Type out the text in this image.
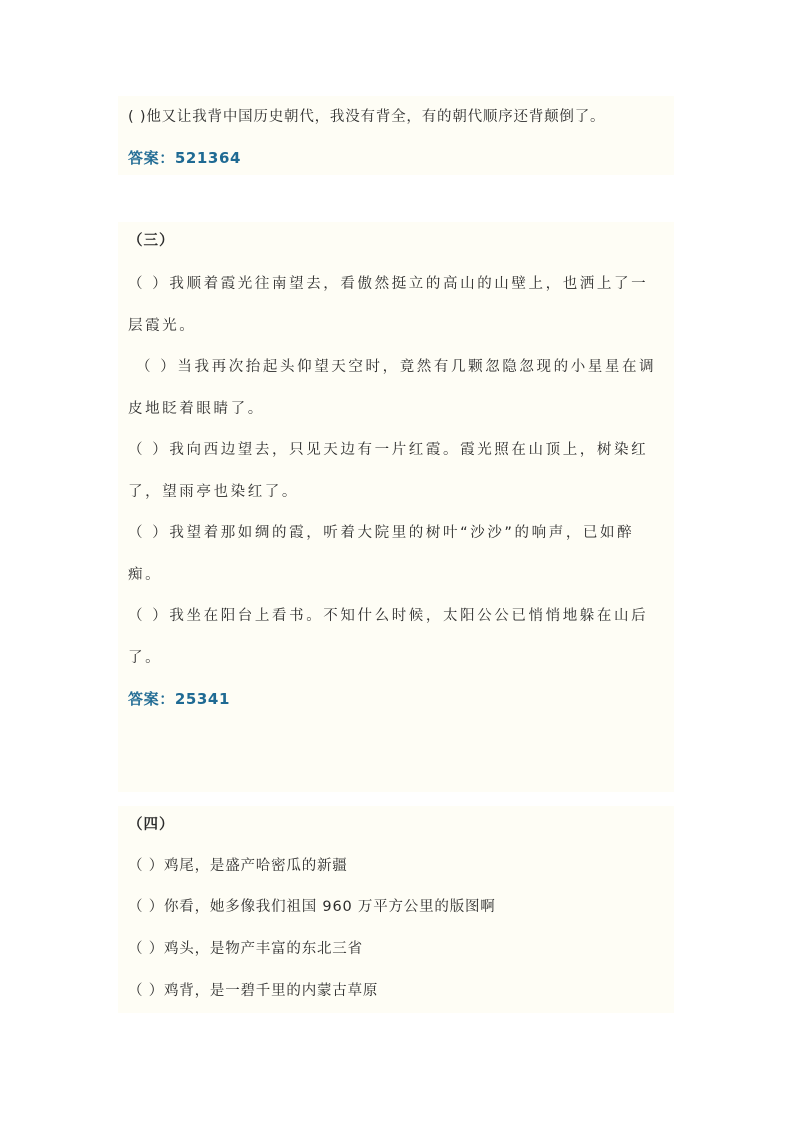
( )他又让我背中国历史朝代，我没有背全，有的朝代顺序还背颠倒了。
答案：521364
（三）
（ ）我顺着霞光往南望去，看傲然挺立的高山的山壁上，也洒上了一
层霞光。
（ ）当我再次抬起头仰望天空时，竟然有几颗忽隐忽现的小星星在调
皮地眨着眼睛了。
（ ）我向西边望去，只见天边有一片红霞。霞光照在山顶上，树染红
了，望雨亭也染红了。
（ ）我望着那如绸的霞，听着大院里的树叶“沙沙”的响声，已如醉
痴。
（ ）我坐在阳台上看书。不知什么时候，太阳公公已悄悄地躲在山后
了。
答案：25341
（四）
（ ）鸡尾，是盛产哈密瓜的新疆
（ ）你看，她多像我们祖国 960 万平方公里的版图啊
（ ）鸡头，是物产丰富的东北三省
（ ）鸡背，是一碧千里的内蒙古草原
